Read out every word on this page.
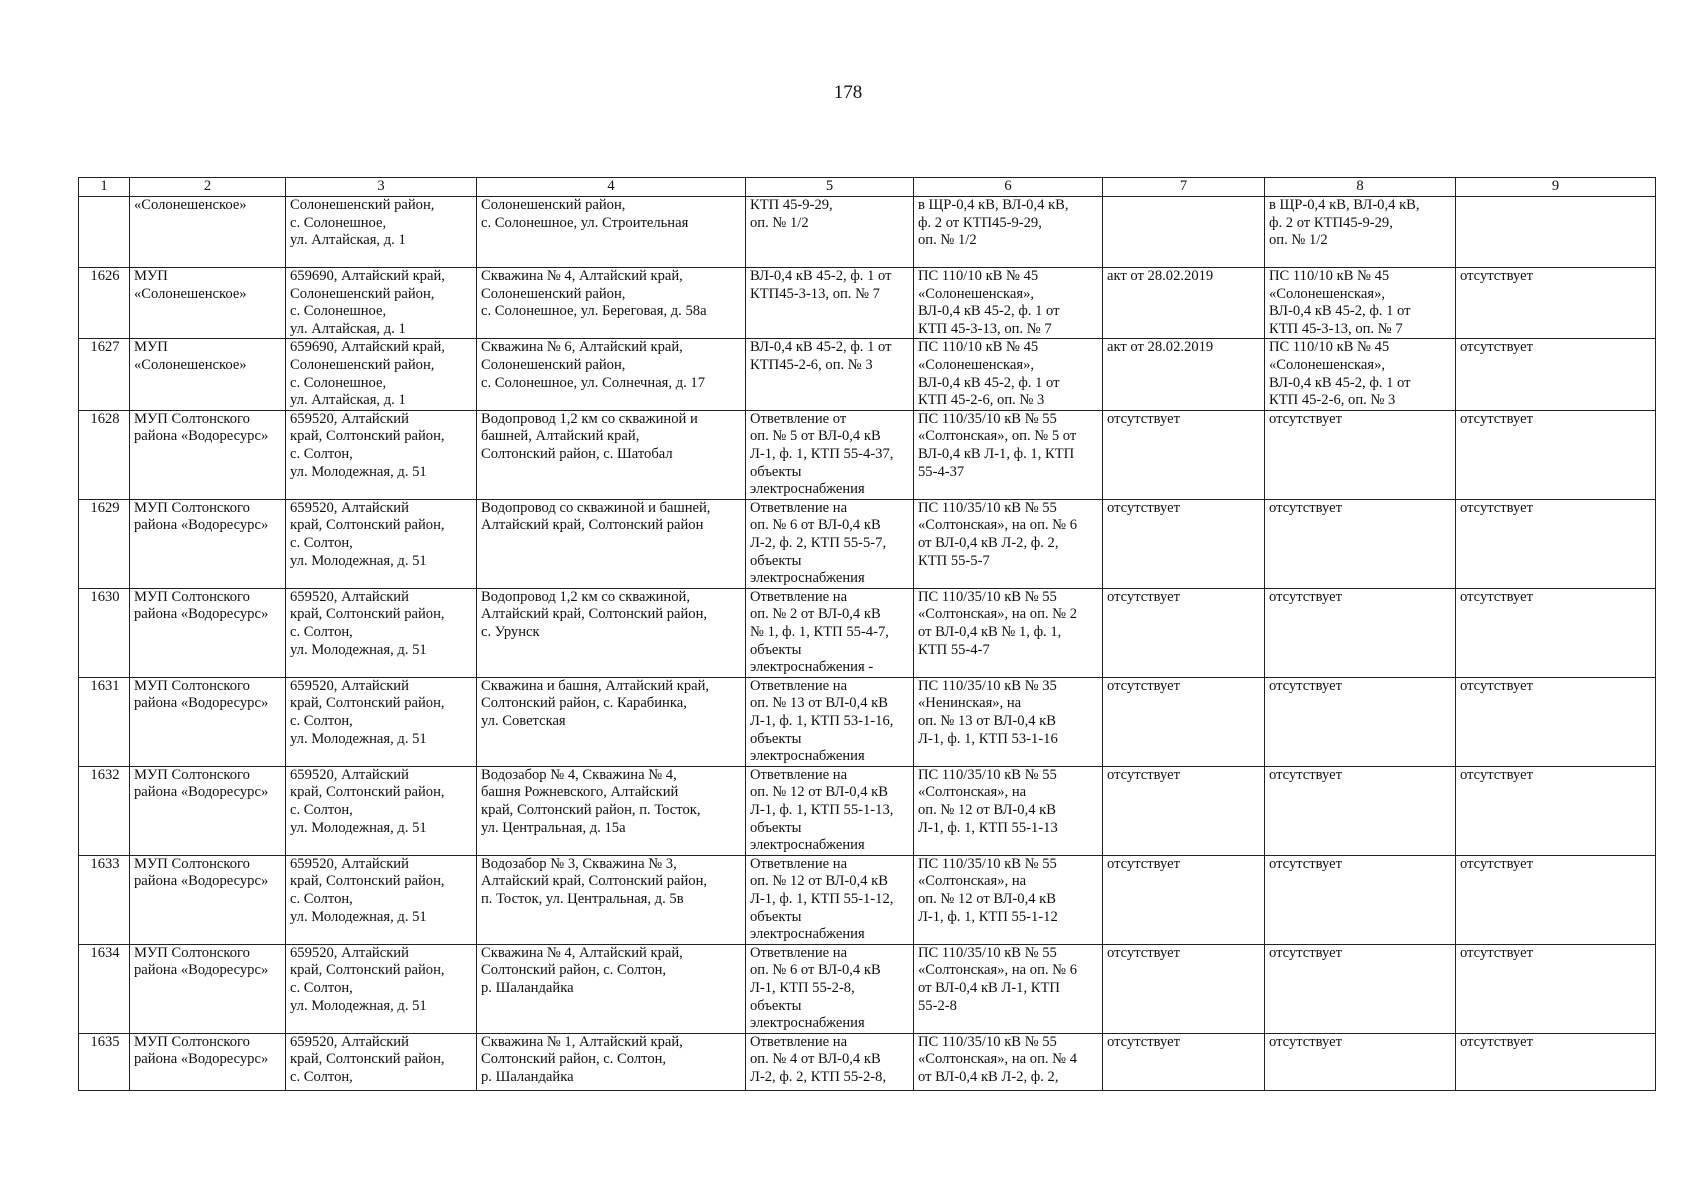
178
1	2	3	4	5	6	7	8	9

	«Солонешенское»	Солонешенский район,
с. Солонешное,
ул. Алтайская, д. 1	Солонешенский район,
с. Солонешное, ул. Строительная	КТП 45-9-29,
оп. № 1/2	в ЩР-0,4 кВ, ВЛ-0,4 кВ,
ф. 2 от КТП45-9-29,
оп. № 1/2		в ЩР-0,4 кВ, ВЛ-0,4 кВ,
ф. 2 от КТП45-9-29,
оп. № 1/2	

1626	МУП
«Солонешенское»	659690, Алтайский край,
Солонешенский район,
с. Солонешное,
ул. Алтайская, д. 1	Скважина № 4, Алтайский край,
Солонешенский район,
с. Солонешное, ул. Береговая, д. 58а	ВЛ-0,4 кВ 45-2, ф. 1 от
КТП45-3-13, оп. № 7	ПС 110/10 кВ № 45
«Солонешенская»,
ВЛ-0,4 кВ 45-2, ф. 1 от
КТП 45-3-13, оп. № 7	акт от 28.02.2019	ПС 110/10 кВ № 45
«Солонешенская»,
ВЛ-0,4 кВ 45-2, ф. 1 от
КТП 45-3-13, оп. № 7	отсутствует

1627	МУП
«Солонешенское»	659690, Алтайский край,
Солонешенский район,
с. Солонешное,
ул. Алтайская, д. 1	Скважина № 6, Алтайский край,
Солонешенский район,
с. Солонешное, ул. Солнечная, д. 17	ВЛ-0,4 кВ 45-2, ф. 1 от
КТП45-2-6, оп. № 3	ПС 110/10 кВ № 45
«Солонешенская»,
ВЛ-0,4 кВ 45-2, ф. 1 от
КТП 45-2-6, оп. № 3	акт от 28.02.2019	ПС 110/10 кВ № 45
«Солонешенская»,
ВЛ-0,4 кВ 45-2, ф. 1 от
КТП 45-2-6, оп. № 3	отсутствует

1628	МУП Солтонского
района «Водоресурс»	659520, Алтайский
край, Солтонский район,
с. Солтон,
ул. Молодежная, д. 51	Водопровод 1,2 км со скважиной и
башней, Алтайский край,
Солтонский район, с. Шатобал	Ответвление от
оп. № 5 от ВЛ-0,4 кВ
Л-1, ф. 1, КТП 55-4-37,
объекты
электроснабжения	ПС 110/35/10 кВ № 55
«Солтонская», оп. № 5 от
ВЛ-0,4 кВ Л-1, ф. 1, КТП
55-4-37	отсутствует	отсутствует	отсутствует

1629	МУП Солтонского
района «Водоресурс»	659520, Алтайский
край, Солтонский район,
с. Солтон,
ул. Молодежная, д. 51	Водопровод со скважиной и башней,
Алтайский край, Солтонский район	Ответвление на
оп. № 6 от ВЛ-0,4 кВ
Л-2, ф. 2, КТП 55-5-7,
объекты
электроснабжения	ПС 110/35/10 кВ № 55
«Солтонская», на оп. № 6
от ВЛ-0,4 кВ Л-2, ф. 2,
КТП 55-5-7	отсутствует	отсутствует	отсутствует

1630	МУП Солтонского
района «Водоресурс»	659520, Алтайский
край, Солтонский район,
с. Солтон,
ул. Молодежная, д. 51	Водопровод 1,2 км со скважиной,
Алтайский край, Солтонский район,
с. Урунск	Ответвление на
оп. № 2 от ВЛ-0,4 кВ
№ 1, ф. 1, КТП 55-4-7,
объекты
электроснабжения -	ПС 110/35/10 кВ № 55
«Солтонская», на оп. № 2
от ВЛ-0,4 кВ № 1, ф. 1,
КТП 55-4-7	отсутствует	отсутствует	отсутствует

1631	МУП Солтонского
района «Водоресурс»	659520, Алтайский
край, Солтонский район,
с. Солтон,
ул. Молодежная, д. 51	Скважина и башня, Алтайский край,
Солтонский район, с. Карабинка,
ул. Советская	Ответвление на
оп. № 13 от ВЛ-0,4 кВ
Л-1, ф. 1, КТП 53-1-16,
объекты
электроснабжения	ПС 110/35/10 кВ № 35
«Ненинская», на
оп. № 13 от ВЛ-0,4 кВ
Л-1, ф. 1, КТП 53-1-16	отсутствует	отсутствует	отсутствует

1632	МУП Солтонского
района «Водоресурс»	659520, Алтайский
край, Солтонский район,
с. Солтон,
ул. Молодежная, д. 51	Водозабор № 4, Скважина № 4,
башня Рожневского, Алтайский
край, Солтонский район, п. Тосток,
ул. Центральная, д. 15а	Ответвление на
оп. № 12 от ВЛ-0,4 кВ
Л-1, ф. 1, КТП 55-1-13,
объекты
электроснабжения	ПС 110/35/10 кВ № 55
«Солтонская», на
оп. № 12 от ВЛ-0,4 кВ
Л-1, ф. 1, КТП 55-1-13	отсутствует	отсутствует	отсутствует

1633	МУП Солтонского
района «Водоресурс»	659520, Алтайский
край, Солтонский район,
с. Солтон,
ул. Молодежная, д. 51	Водозабор № 3, Скважина № 3,
Алтайский край, Солтонский район,
п. Тосток, ул. Центральная, д. 5в	Ответвление на
оп. № 12 от ВЛ-0,4 кВ
Л-1, ф. 1, КТП 55-1-12,
объекты
электроснабжения	ПС 110/35/10 кВ № 55
«Солтонская», на
оп. № 12 от ВЛ-0,4 кВ
Л-1, ф. 1, КТП 55-1-12	отсутствует	отсутствует	отсутствует

1634	МУП Солтонского
района «Водоресурс»	659520, Алтайский
край, Солтонский район,
с. Солтон,
ул. Молодежная, д. 51	Скважина № 4, Алтайский край,
Солтонский район, с. Солтон,
р. Шаландайка	Ответвление на
оп. № 6 от ВЛ-0,4 кВ
Л-1, КТП 55-2-8,
объекты
электроснабжения	ПС 110/35/10 кВ № 55
«Солтонская», на оп. № 6
от ВЛ-0,4 кВ Л-1, КТП
55-2-8	отсутствует	отсутствует	отсутствует

1635	МУП Солтонского
района «Водоресурс»	659520, Алтайский
край, Солтонский район,
с. Солтон,	Скважина № 1, Алтайский край,
Солтонский район, с. Солтон,
р. Шаландайка	Ответвление на
оп. № 4 от ВЛ-0,4 кВ
Л-2, ф. 2, КТП 55-2-8,	ПС 110/35/10 кВ № 55
«Солтонская», на оп. № 4
от ВЛ-0,4 кВ Л-2, ф. 2,	отсутствует	отсутствует	отсутствует
